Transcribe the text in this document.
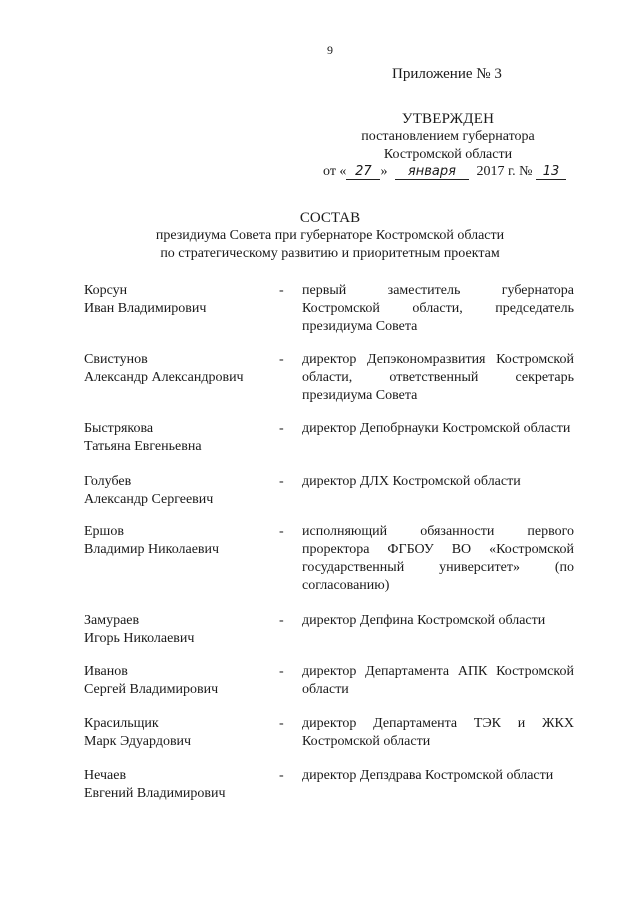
9
Приложение № 3
УТВЕРЖДЕН
постановлением губернатора
Костромской области
от « 27 » января 2017 г. № 13
СОСТАВ
президиума Совета при губернаторе Костромской области
по стратегическому развитию и приоритетным проектам
Корсун
Иван Владимирович
- первый заместитель губернатора Костромской области, председатель президиума Совета
Свистунов
Александр Александрович
- директор Депэкономразвития Костромской области, ответственный секретарь президиума Совета
Быстрякова
Татьяна Евгеньевна
- директор Депобрнауки Костромской области
Голубев
Александр Сергеевич
- директор ДЛХ Костромской области
Ершов
Владимир Николаевич
- исполняющий обязанности первого проректора ФГБОУ ВО «Костромской государственный университет» (по согласованию)
Замураев
Игорь Николаевич
- директор Депфина Костромской области
Иванов
Сергей Владимирович
- директор Департамента АПК Костромской области
Красильщик
Марк Эдуардович
- директор Департамента ТЭК и ЖКХ Костромской области
Нечаев
Евгений Владимирович
- директор Депздрава Костромской области
